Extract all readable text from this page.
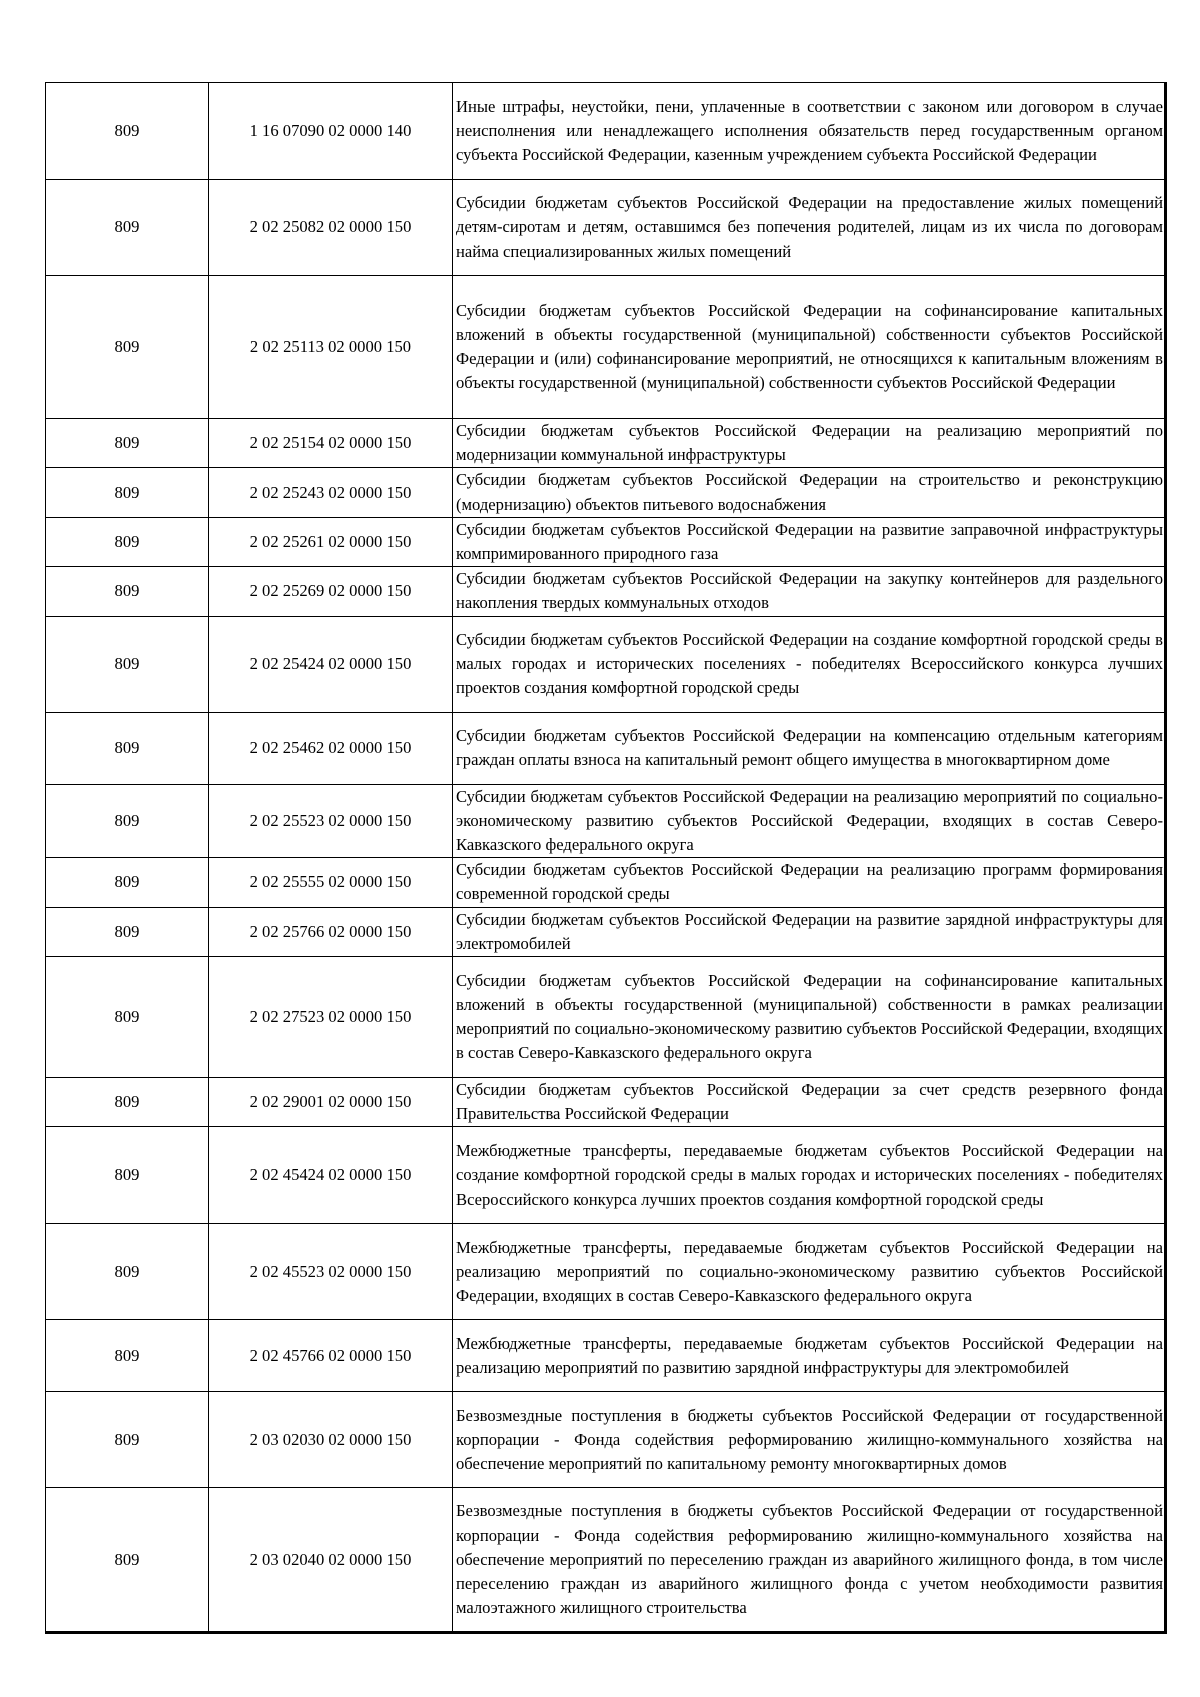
809	1 16 07090 02 0000 140	Иные штрафы, неустойки, пени, уплаченные в соответствии с законом или договором в случае неисполнения или ненадлежащего исполнения обязательств перед государственным органом субъекта Российской Федерации, казенным учреждением субъекта Российской Федерации
809	2 02 25082 02 0000 150	Субсидии бюджетам субъектов Российской Федерации на предоставление жилых помещений детям-сиротам и детям, оставшимся без попечения родителей, лицам из их числа по договорам найма специализированных жилых помещений
809	2 02 25113 02 0000 150	Субсидии бюджетам субъектов Российской Федерации на софинансирование капитальных вложений в объекты государственной (муниципальной) собственности субъектов Российской Федерации и (или) софинансирование мероприятий, не относящихся к капитальным вложениям в объекты государственной (муниципальной) собственности субъектов Российской Федерации
809	2 02 25154 02 0000 150	Субсидии бюджетам субъектов Российской Федерации на реализацию мероприятий по модернизации коммунальной инфраструктуры
809	2 02 25243 02 0000 150	Субсидии бюджетам субъектов Российской Федерации на строительство и реконструкцию (модернизацию) объектов питьевого водоснабжения
809	2 02 25261 02 0000 150	Субсидии бюджетам субъектов Российской Федерации на развитие заправочной инфраструктуры компримированного природного газа
809	2 02 25269 02 0000 150	Субсидии бюджетам субъектов Российской Федерации на закупку контейнеров для раздельного накопления твердых коммунальных отходов
809	2 02 25424 02 0000 150	Субсидии бюджетам субъектов Российской Федерации на создание комфортной городской среды в малых городах и исторических поселениях - победителях Всероссийского конкурса лучших проектов создания комфортной городской среды
809	2 02 25462 02 0000 150	Субсидии бюджетам субъектов Российской Федерации на компенсацию отдельным категориям граждан оплаты взноса на капитальный ремонт общего имущества в многоквартирном доме
809	2 02 25523 02 0000 150	Субсидии бюджетам субъектов Российской Федерации на реализацию мероприятий по социально-экономическому развитию субъектов Российской Федерации, входящих в состав Северо-Кавказского федерального округа
809	2 02 25555 02 0000 150	Субсидии бюджетам субъектов Российской Федерации на реализацию программ формирования современной городской среды
809	2 02 25766 02 0000 150	Субсидии бюджетам субъектов Российской Федерации на развитие зарядной инфраструктуры для электромобилей
809	2 02 27523 02 0000 150	Субсидии бюджетам субъектов Российской Федерации на софинансирование капитальных вложений в объекты государственной (муниципальной) собственности в рамках реализации мероприятий по социально-экономическому развитию субъектов Российской Федерации, входящих в состав Северо-Кавказского федерального округа
809	2 02 29001 02 0000 150	Субсидии бюджетам субъектов Российской Федерации за счет средств резервного фонда Правительства Российской Федерации
809	2 02 45424 02 0000 150	Межбюджетные трансферты, передаваемые бюджетам субъектов Российской Федерации на создание комфортной городской среды в малых городах и исторических поселениях - победителях Всероссийского конкурса лучших проектов создания комфортной городской среды
809	2 02 45523 02 0000 150	Межбюджетные трансферты, передаваемые бюджетам субъектов Российской Федерации на реализацию мероприятий по социально-экономическому развитию субъектов Российской Федерации, входящих в состав Северо-Кавказского федерального округа
809	2 02 45766 02 0000 150	Межбюджетные трансферты, передаваемые бюджетам субъектов Российской Федерации на реализацию мероприятий по развитию зарядной инфраструктуры для электромобилей
809	2 03 02030 02 0000 150	Безвозмездные поступления в бюджеты субъектов Российской Федерации от государственной корпорации - Фонда содействия реформированию жилищно-коммунального хозяйства на обеспечение мероприятий по капитальному ремонту многоквартирных домов
809	2 03 02040 02 0000 150	Безвозмездные поступления в бюджеты субъектов Российской Федерации от государственной корпорации - Фонда содействия реформированию жилищно-коммунального хозяйства на обеспечение мероприятий по переселению граждан из аварийного жилищного фонда, в том числе переселению граждан из аварийного жилищного фонда с учетом необходимости развития малоэтажного жилищного строительства
